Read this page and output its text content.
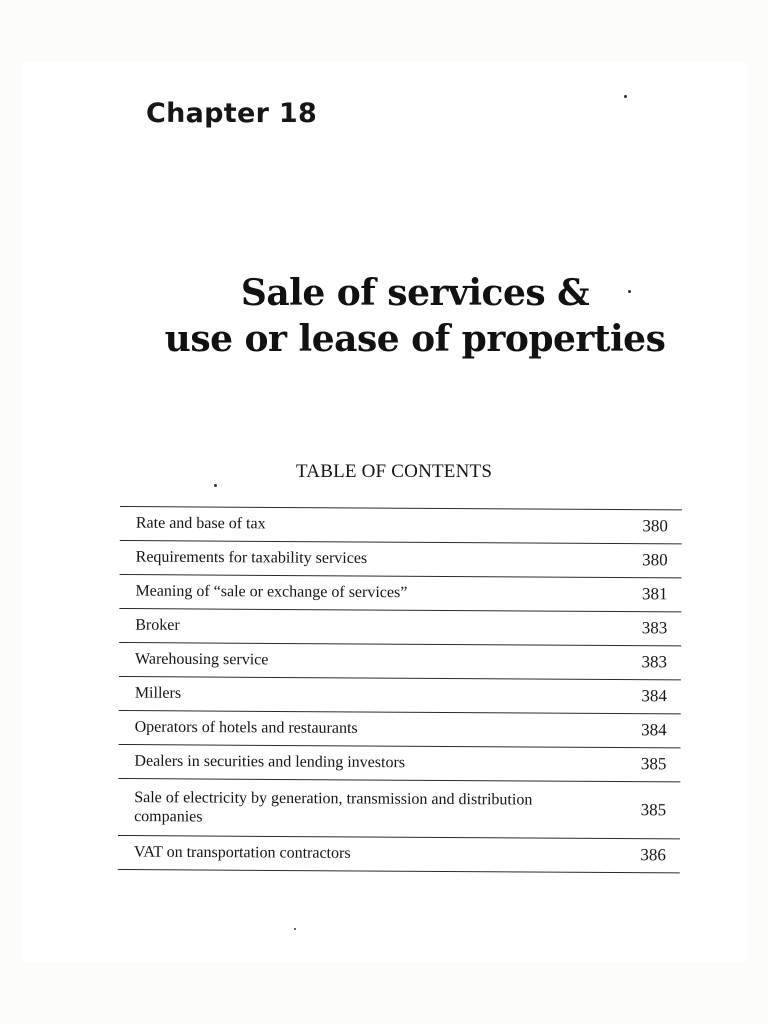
Chapter 18
Sale of services &
use or lease of properties
TABLE OF CONTENTS
Rate and base of tax	380
Requirements for taxability services	380
Meaning of “sale or exchange of services”	381
Broker	383
Warehousing service	383
Millers	384
Operators of hotels and restaurants	384
Dealers in securities and lending investors	385
Sale of electricity by generation, transmission and distribution companies	385
VAT on transportation contractors	386
